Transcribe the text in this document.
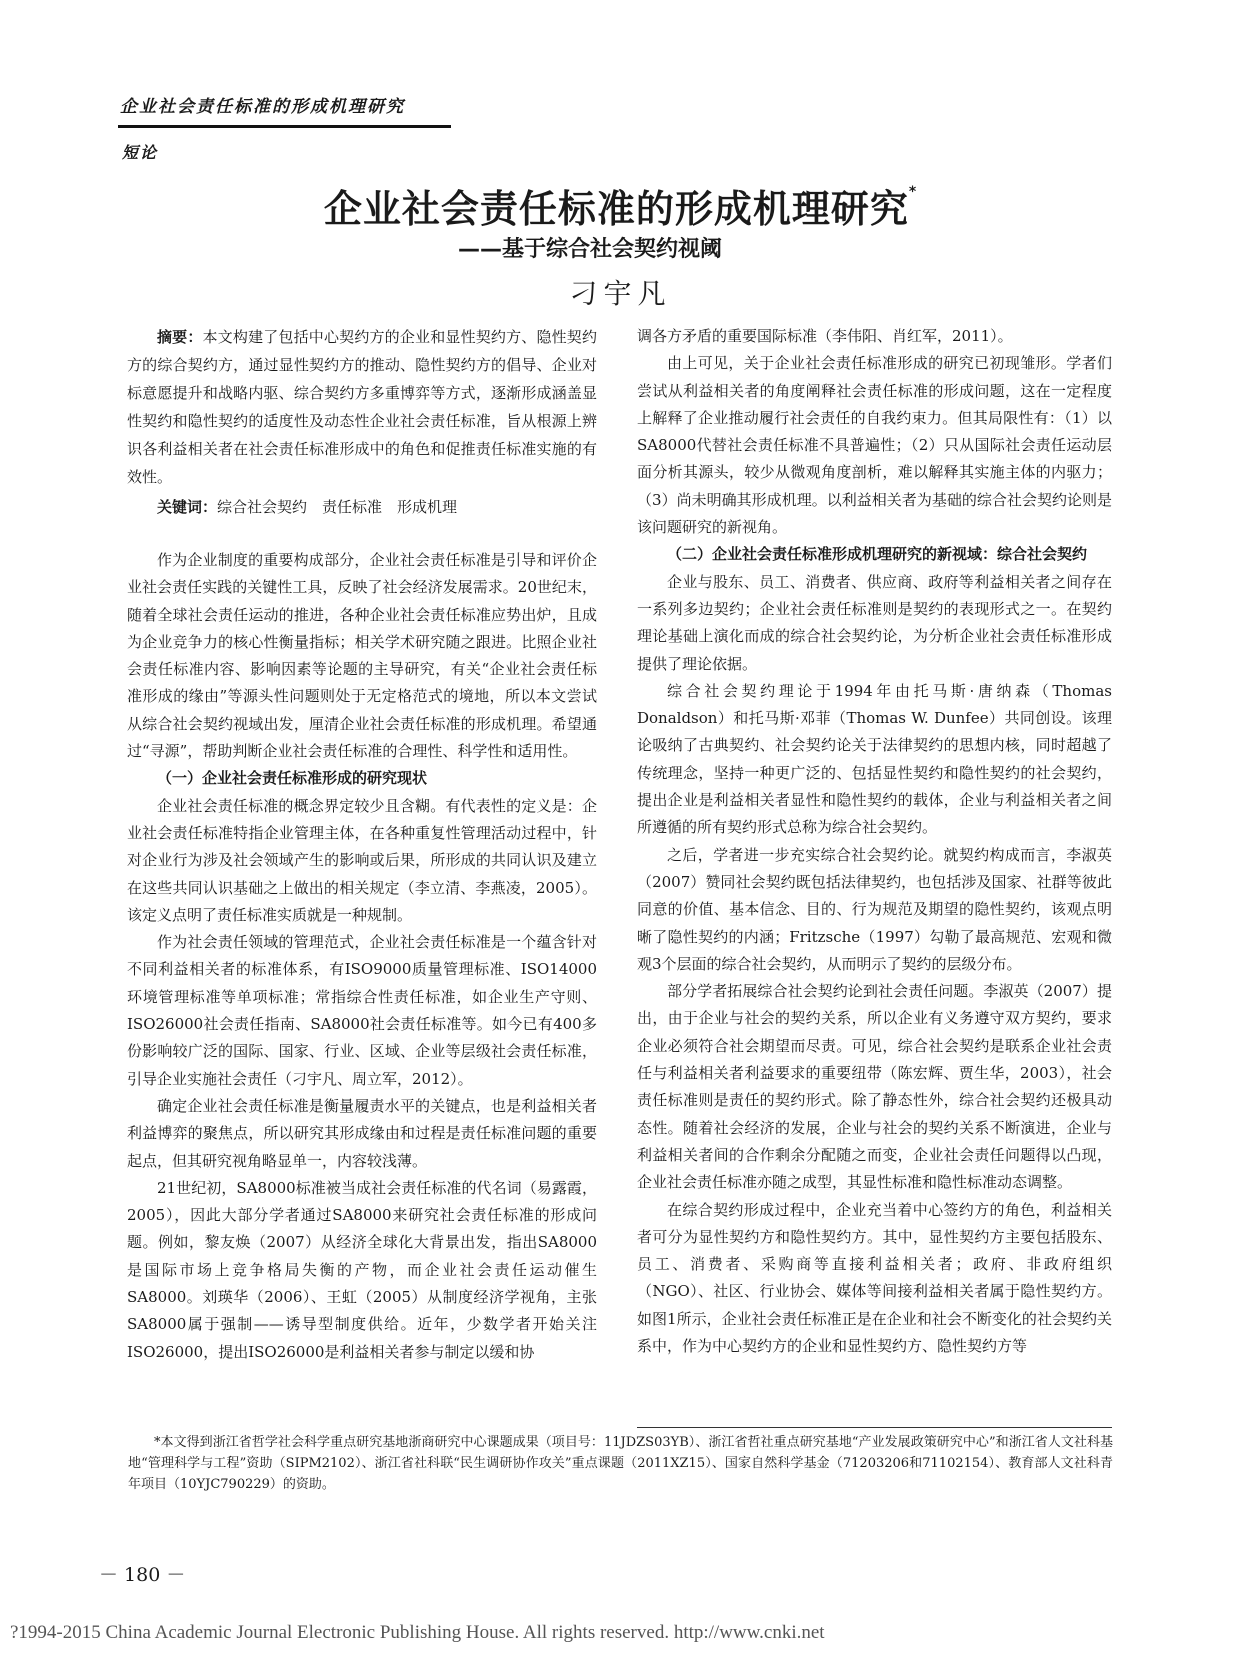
企业社会责任标准的形成机理研究
短论
企业社会责任标准的形成机理研究*
——基于综合社会契约视阈
刁宇凡

摘要：本文构建了包括中心契约方的企业和显性契约方、隐性契约方的综合契约方，通过显性契约方的推动、隐性契约方的倡导、企业对标意愿提升和战略内驱、综合契约方多重博弈等方式，逐渐形成涵盖显性契约和隐性契约的适度性及动态性企业社会责任标准，旨从根源上辨识各利益相关者在社会责任标准形成中的角色和促推责任标准实施的有效性。

关键词：综合社会契约　责任标准　形成机理

作为企业制度的重要构成部分，企业社会责任标准是引导和评价企业社会责任实践的关键性工具，反映了社会经济发展需求。20世纪末，随着全球社会责任运动的推进，各种企业社会责任标准应势出炉，且成为企业竞争力的核心性衡量指标；相关学术研究随之跟进。比照企业社会责任标准内容、影响因素等论题的主导研究，有关“企业社会责任标准形成的缘由”等源头性问题则处于无定格范式的境地，所以本文尝试从综合社会契约视域出发，厘清企业社会责任标准的形成机理。希望通过“寻源”，帮助判断企业社会责任标准的合理性、科学性和适用性。

（一）企业社会责任标准形成的研究现状

企业社会责任标准的概念界定较少且含糊。有代表性的定义是：企业社会责任标准特指企业管理主体，在各种重复性管理活动过程中，针对企业行为涉及社会领域产生的影响或后果，所形成的共同认识及建立在这些共同认识基础之上做出的相关规定（李立清、李燕凌，2005）。该定义点明了责任标准实质就是一种规制。

作为社会责任领域的管理范式，企业社会责任标准是一个蕴含针对不同利益相关者的标准体系，有ISO9000质量管理标准、ISO14000环境管理标准等单项标准；常指综合性责任标准，如企业生产守则、ISO26000社会责任指南、SA8000社会责任标准等。如今已有400多份影响较广泛的国际、国家、行业、区域、企业等层级社会责任标准，引导企业实施社会责任（刁宇凡、周立军，2012）。

确定企业社会责任标准是衡量履责水平的关键点，也是利益相关者利益博弈的聚焦点，所以研究其形成缘由和过程是责任标准问题的重要起点，但其研究视角略显单一，内容较浅薄。

21世纪初，SA8000标准被当成社会责任标准的代名词（易露霞，2005），因此大部分学者通过SA8000来研究社会责任标准的形成问题。例如，黎友焕（2007）从经济全球化大背景出发，指出SA8000是国际市场上竞争格局失衡的产物，而企业社会责任运动催生SA8000。刘瑛华（2006）、王虹（2005）从制度经济学视角，主张SA8000属于强制——诱导型制度供给。近年，少数学者开始关注ISO26000，提出ISO26000是利益相关者参与制定以缓和协

调各方矛盾的重要国际标准（李伟阳、肖红军，2011）。

由上可见，关于企业社会责任标准形成的研究已初现雏形。学者们尝试从利益相关者的角度阐释社会责任标准的形成问题，这在一定程度上解释了企业推动履行社会责任的自我约束力。但其局限性有：（1）以SA8000代替社会责任标准不具普遍性；（2）只从国际社会责任运动层面分析其源头，较少从微观角度剖析，难以解释其实施主体的内驱力；（3）尚未明确其形成机理。以利益相关者为基础的综合社会契约论则是该问题研究的新视角。

（二）企业社会责任标准形成机理研究的新视域：综合社会契约

企业与股东、员工、消费者、供应商、政府等利益相关者之间存在一系列多边契约；企业社会责任标准则是契约的表现形式之一。在契约理论基础上演化而成的综合社会契约论，为分析企业社会责任标准形成提供了理论依据。

综合社会契约理论于1994年由托马斯·唐纳森（Thomas Donaldson）和托马斯·邓菲（Thomas W. Dunfee）共同创设。该理论吸纳了古典契约、社会契约论关于法律契约的思想内核，同时超越了传统理念，坚持一种更广泛的、包括显性契约和隐性契约的社会契约，提出企业是利益相关者显性和隐性契约的载体，企业与利益相关者之间所遵循的所有契约形式总称为综合社会契约。

之后，学者进一步充实综合社会契约论。就契约构成而言，李淑英（2007）赞同社会契约既包括法律契约，也包括涉及国家、社群等彼此同意的价值、基本信念、目的、行为规范及期望的隐性契约，该观点明晰了隐性契约的内涵；Fritzsche（1997）勾勒了最高规范、宏观和微观3个层面的综合社会契约，从而明示了契约的层级分布。

部分学者拓展综合社会契约论到社会责任问题。李淑英（2007）提出，由于企业与社会的契约关系，所以企业有义务遵守双方契约，要求企业必须符合社会期望而尽责。可见，综合社会契约是联系企业社会责任与利益相关者利益要求的重要纽带（陈宏辉、贾生华，2003），社会责任标准则是责任的契约形式。除了静态性外，综合社会契约还极具动态性。随着社会经济的发展，企业与社会的契约关系不断演进，企业与利益相关者间的合作剩余分配随之而变，企业社会责任问题得以凸现，企业社会责任标准亦随之成型，其显性标准和隐性标准动态调整。

在综合契约形成过程中，企业充当着中心签约方的角色，利益相关者可分为显性契约方和隐性契约方。其中，显性契约方主要包括股东、员工、消费者、采购商等直接利益相关者；政府、非政府组织（NGO）、社区、行业协会、媒体等间接利益相关者属于隐性契约方。如图1所示，企业社会责任标准正是在企业和社会不断变化的社会契约关系中，作为中心契约方的企业和显性契约方、隐性契约方等

*本文得到浙江省哲学社会科学重点研究基地浙商研究中心课题成果（项目号：11JDZS03YB）、浙江省哲社重点研究基地“产业发展政策研究中心”和浙江省人文社科基地“管理科学与工程”资助（SIPM2102）、浙江省社科联“民生调研协作攻关”重点课题（2011XZ15）、国家自然科学基金（71203206和71102154）、教育部人文社科青年项目（10YJC790229）的资助。
－ 180 －
?1994-2015 China Academic Journal Electronic Publishing House. All rights reserved. http://www.cnki.net
